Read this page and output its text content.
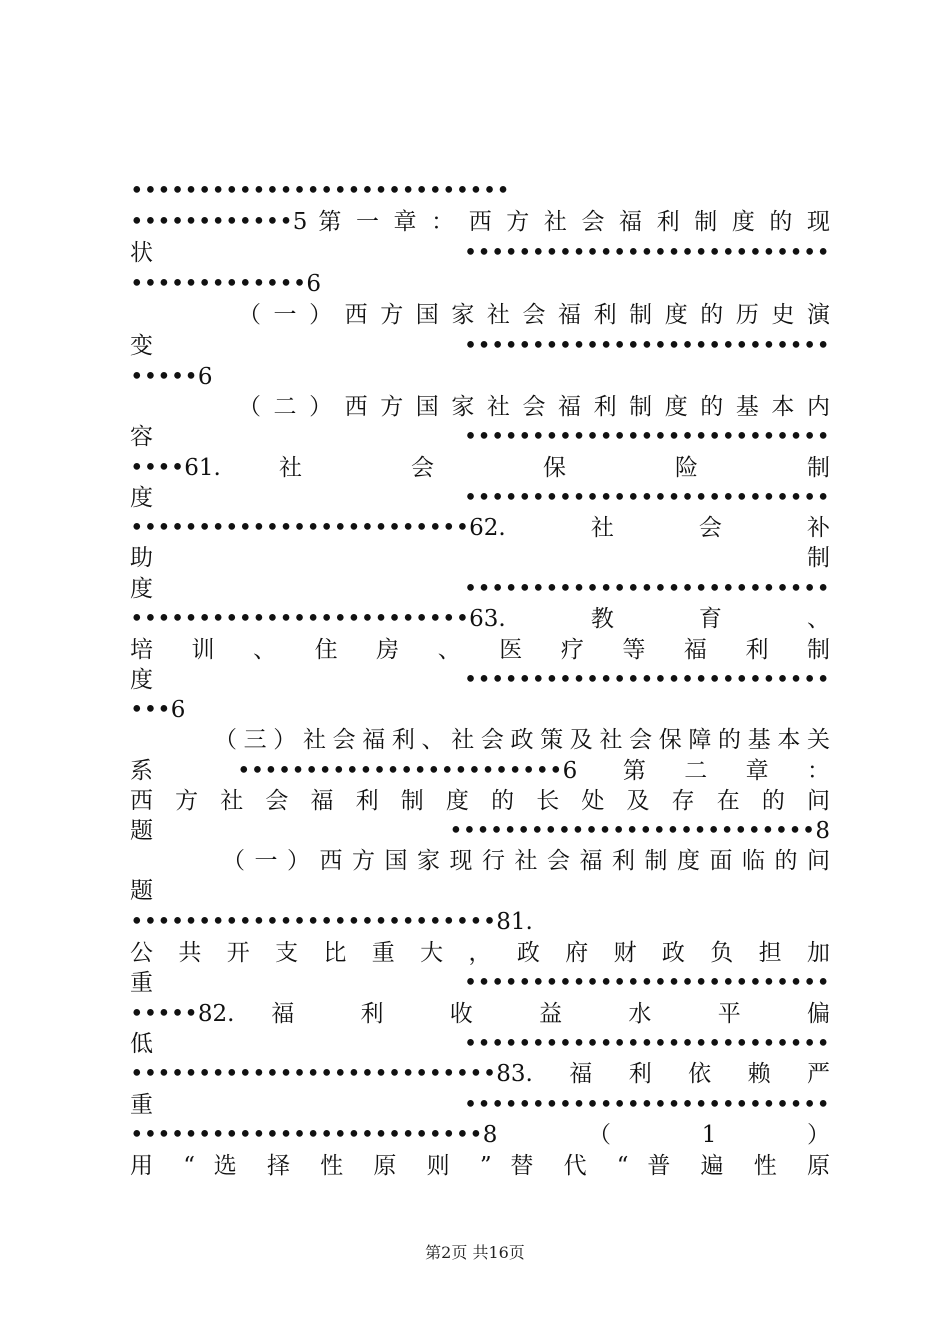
••••••••••••••••••••••••••••
••••••••••••5 第 一 章 ： 西 方 社 会 福 利 制 度 的 现
状 •••••••••••••••••••••••••••
•••••••••••••6
（ 一 ） 西 方 国 家 社 会 福 利 制 度 的 历 史 演
变 •••••••••••••••••••••••••••
•••••6
（ 二 ） 西 方 国 家 社 会 福 利 制 度 的 基 本 内
容 •••••••••••••••••••••••••••
••••61. 社 会 保 险 制
度 •••••••••••••••••••••••••••
•••••••••••••••••••••••••62.社会补
助 制
度 •••••••••••••••••••••••••••
•••••••••••••••••••••••••63.教育、
培 训 、 住 房 、 医 疗 等 福 利 制
度 •••••••••••••••••••••••••••
•••6
（三）社会福利、社会政策及社会保障的基本关
系 ••••••••••••••••••••••••6 第二章：
西 方 社 会 福 利 制 度 的 长 处 及 存 在 的 问
题•••••••••••••••••••••••••••8
（ 一 ） 西 方 国 家 现 行 社 会 福 利 制 度 面 临 的 问
题
•••••••••••••••••••••••••••81.
公 共 开 支 比 重 大 ， 政 府 财 政 负 担 加
重 •••••••••••••••••••••••••••
•••••82. 福 利 收 益 水 平 偏
低 •••••••••••••••••••••••••••
•••••••••••••••••••••••••••83.福利依赖严
重 •••••••••••••••••••••••••••
••••••••••••••••••••••••••8（1）
用 “ 选 择 性 原 则 ” 替 代 “ 普 遍 性 原
第2页 共16页
